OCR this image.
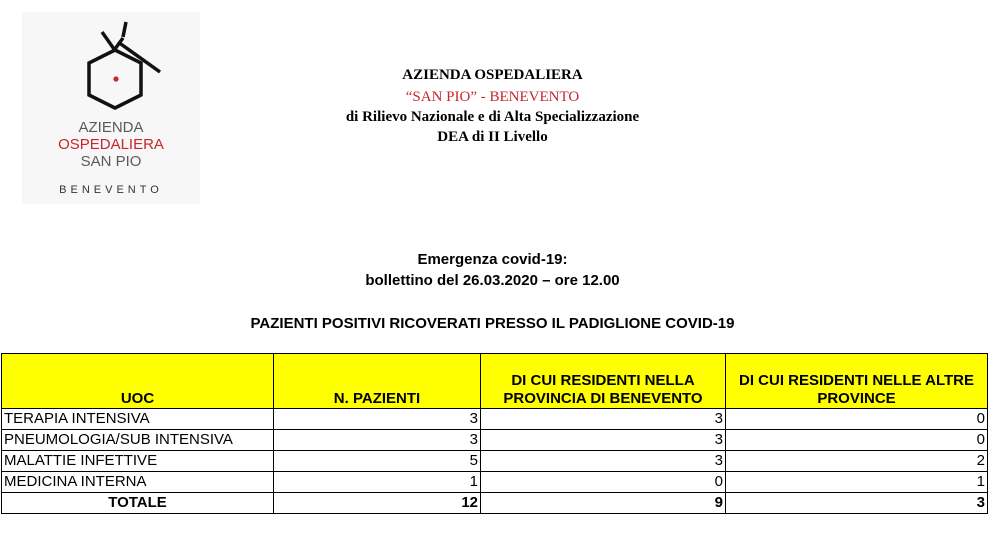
AZIENDA
OSPEDALIERA
SAN PIO
BENEVENTO
AZIENDA OSPEDALIERA
“SAN PIO” - BENEVENTO
di Rilievo Nazionale e di Alta Specializzazione
DEA di II Livello
Emergenza covid-19:
bollettino del 26.03.2020 – ore 12.00
PAZIENTI POSITIVI RICOVERATI PRESSO IL PADIGLIONE COVID-19
UOC	N. PAZIENTI	DI CUI RESIDENTI NELLA PROVINCIA DI BENEVENTO	DI CUI RESIDENTI NELLE ALTRE PROVINCE
TERAPIA INTENSIVA	3	3	0
PNEUMOLOGIA/SUB INTENSIVA	3	3	0
MALATTIE INFETTIVE	5	3	2
MEDICINA INTERNA	1	0	1
TOTALE	12	9	3
